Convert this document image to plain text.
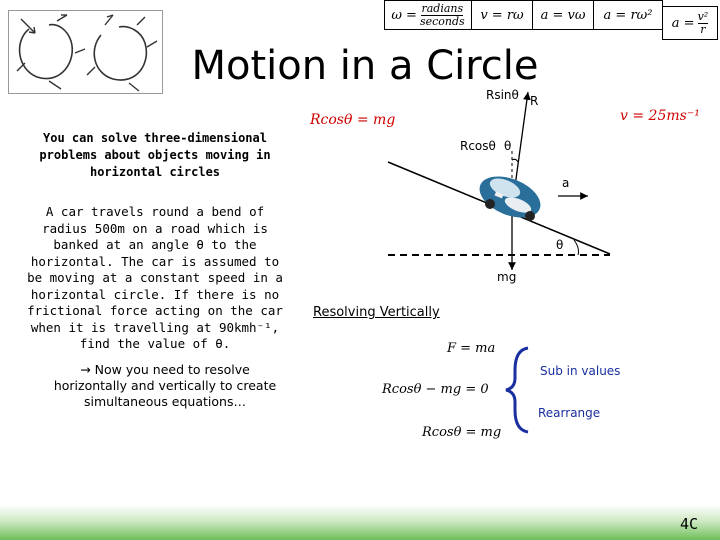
ω = radians
seconds v = rω a = vω a = rω²
$a = \frac{\text{v²}}{r}$
Motion in a Circle
You can solve three-dimensional problems about objects moving in horizontal circles
A car travels round a bend of radius 500m on a road which is banked at an angle θ to the horizontal. The car is assumed to be moving at a constant speed in a horizontal circle. If there is no frictional force acting on the car when it is travelling at 90kmh⁻¹, find the value of θ.
→ Now you need to resolve horizontally and vertically to create simultaneous equations…
Rsinθ R
Rcosθ θ
a
θ
mg
Rcosθ = mg	v = 25ms⁻¹
Resolving Vertically
F = ma
Rcosθ − mg = 0
Rcosθ = mg
Sub in values
Rearrange
4C
